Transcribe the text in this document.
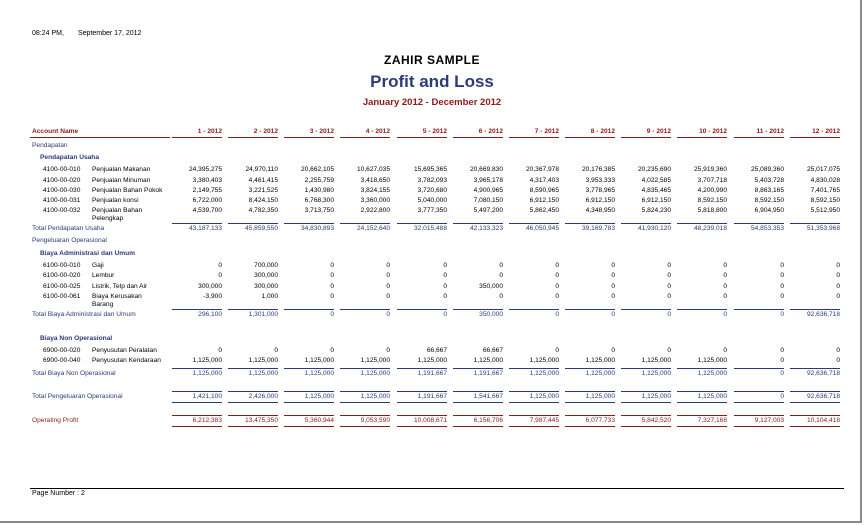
08:24 PM, September 17, 2012
ZAHIR SAMPLE
Profit and Loss
January 2012 - December 2012
Account Name	1 - 2012	2 - 2012	3 - 2012	4 - 2012	5 - 2012	6 - 2012	7 - 2012	8 - 2012	9 - 2012	10 - 2012	11 - 2012	12 - 2012
Pendapatan
Pendapatan Usaha
4100-00-010 Penjualan Makanan	24,395,275	24,970,110	20,662,105	10,627,035	15,695,365	20,669,830	20,367,978	20,176,385	20,235,690	25,919,360	25,089,360	25,017,075
4100-00-020 Penjualan Minuman	3,380,403	4,461,415	2,255,759	3,418,650	3,782,093	3,965,178	4,317,403	3,953,333	4,022,585	3,707,718	5,403,728	4,830,028
4100-00-030 Penjualan Bahan Pokok	2,149,755	3,221,525	1,430,980	3,824,155	3,720,680	4,900,965	8,590,965	3,778,965	4,835,465	4,200,990	8,863,165	7,401,765
4100-00-031 Penjualan konsi	6,722,000	8,424,150	6,768,300	3,360,000	5,040,000	7,080,150	6,912,150	6,912,150	6,912,150	8,592,150	8,592,150	8,592,150
4100-00-032 Penjualan Bahan
Pelengkap
4,539,700	4,782,350	3,713,750	2,922,800	3,777,350	5,497,200	5,862,450	4,348,950	5,824,230	5,818,800	6,904,950	5,512,950
Total Pendapatan Usaha	43,187,133	45,859,550	34,830,893	24,152,640	32,015,488	42,133,323	46,050,945	39,169,783	41,930,120	48,239,018	54,853,353	51,353,968
Pengeluaran Operasional
Biaya Administrasi dan Umum
6100-00-010 Gaji	0	700,000	0	0	0	0	0	0	0	0	0	0
6100-00-020 Lembur	0	300,000	0	0	0	0	0	0	0	0	0	0
6100-00-025 Listrik, Telp dan Air	300,000	300,000	0	0	0	350,000	0	0	0	0	0	0
6100-00-061 Biaya Kerusakan
Barang
-3,900	1,000	0	0	0	0	0	0	0	0	0	0
Total Biaya Administrasi dan Umum	296,100	1,301,000	0	0	0	350,000	0	0	0	0	0	92,636,718
Biaya Non Operasional
6900-00-020 Penyusutan Peralatan	0	0	0	0	66,667	66,667	0	0	0	0	0	0
6900-00-040 Penyusutan Kendaraan	1,125,000	1,125,000	1,125,000	1,125,000	1,125,000	1,125,000	1,125,000	1,125,000	1,125,000	1,125,000	0	0
Total Biaya Non Operasional	1,125,000	1,125,000	1,125,000	1,125,000	1,191,667	1,191,667	1,125,000	1,125,000	1,125,000	1,125,000	0	92,636,718
Total Pengeluaran Operasional	1,421,100	2,426,000	1,125,000	1,125,000	1,191,667	1,541,667	1,125,000	1,125,000	1,125,000	1,125,000	0	92,636,718
Operating Profit	6,212,383	13,475,350	5,360,944	9,053,590	10,008,671	6,156,706	7,987,445	6,077,733	5,842,520	7,327,168	9,127,003	10,104,418
Page Number : 2
